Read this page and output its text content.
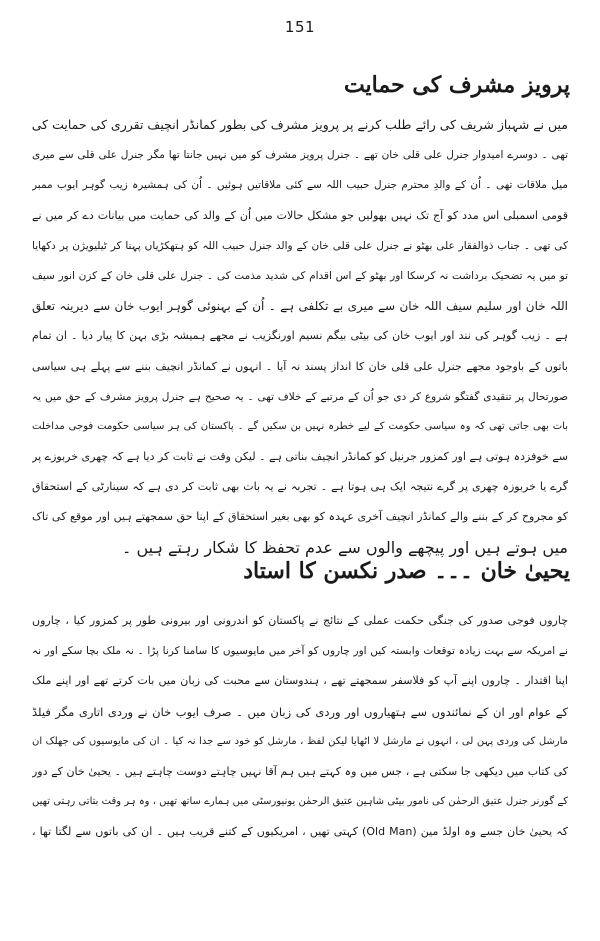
151
پرویز مشرف کی حمایت
میں نے شہباز شریف کی رائے طلب کرنے پر پرویز مشرف کی بطور کمانڈر انچیف تقرری کی حمایت کی
تھی ۔ دوسرے امیدوار جنرل علی قلی خان تھے ۔ جنرل پرویز مشرف کو میں نہیں جانتا تھا مگر جنرل علی قلی سے میری
میل ملاقات تھی ۔ اُن کے والدِ محترم جنرل حبیب اللہ سے کئی ملاقاتیں ہوئیں ۔ اُن کی ہمشیرہ زیب گوہر ایوب ممبر
قومی اسمبلی اس مدد کو آج تک نہیں بھولیں جو مشکل حالات میں اُن کے والد کی حمایت میں بیانات دے کر میں نے
کی تھی ۔ جناب ذوالفقار علی بھٹو نے جنرل علی قلی خان کے والد جنرل حبیب اللہ کو ہتھکڑیاں پہنا کر ٹیلیویژن پر دکھایا
تو میں یہ تضحیک برداشت نہ کرسکا اور بھٹو کے اس اقدام کی شدید مذمت کی ۔ جنرل علی قلی خان کے کزن انور سیف
اللہ خان اور سلیم سیف اللہ خان سے میری بے تکلفی ہے ۔ اُن کے بہنوئی گوہر ایوب خان سے دیرینہ تعلق
ہے ۔ زیب گوہر کی نند اور ایوب خان کی بیٹی بیگم نسیم اورنگزیب نے مجھے ہمیشہ بڑی بہن کا پیار دیا ۔ ان تمام
باتوں کے باوجود مجھے جنرل علی قلی خان کا انداز پسند نہ آیا ۔ انہوں نے کمانڈر انچیف بننے سے پہلے ہی سیاسی
صورتحال پر تنقیدی گفتگو شروع کر دی جو اُن کے مرتبے کے خلاف تھی ۔ یہ صحیح ہے جنرل پرویز مشرف کے حق میں یہ
بات بھی جاتی تھی کہ وہ سیاسی حکومت کے لیے خطرہ نہیں بن سکیں گے ۔ پاکستان کی ہر سیاسی حکومت فوجی مداخلت
سے خوفزدہ ہوتی ہے اور کمزور جرنیل کو کمانڈر انچیف بناتی ہے ۔ لیکن وقت نے ثابت کر دیا ہے کہ چھری خربوزے پر
گرے یا خربوزہ چھری پر گرے نتیجہ ایک ہی ہوتا ہے ۔ تجربہ نے یہ بات بھی ثابت کر دی ہے کہ سینارٹی کے استحقاق
کو مجروح کر کے بننے والے کمانڈر انچیف آخری عہدہ کو بھی بغیر استحقاق کے اپنا حق سمجھتے ہیں اور موقع کی تاک
میں ہوتے ہیں اور پیچھے والوں سے عدم تحفظ کا شکار رہتے ہیں ۔
یحییٰ خان ۔۔۔ صدر نکسن کا استاد
چاروں فوجی صدور کی جنگی حکمت عملی کے نتائج نے پاکستان کو اندرونی اور بیرونی طور پر کمزور کیا ، چاروں
نے امریکہ سے بہت زیادہ توقعات وابستہ کیں اور چاروں کو آخر میں مایوسیوں کا سامنا کرنا پڑا ۔ نہ ملک بچا سکے اور نہ
اپنا اقتدار ۔ چاروں اپنے آپ کو فلاسفر سمجھتے تھے ، ہندوستان سے محبت کی زبان میں بات کرتے تھے اور اپنے ملک
کے عوام اور ان کے نمائندوں سے ہتھیاروں اور وردی کی زبان میں ۔ صرف ایوب خان نے وردی اتاری مگر فیلڈ
مارشل کی وردی پہن لی ، انہوں نے مارشل لا اٹھایا لیکن لفظ ، مارشل کو خود سے جدا نہ کیا ۔ ان کی مایوسیوں کی جھلک ان
کی کتاب میں دیکھی جا سکتی ہے ، جس میں وہ کہتے ہیں ہم آقا نہیں چاہتے دوست چاہتے ہیں ۔ یحییٰ خان کے دور
کے گورنر جنرل عتیق الرحمٰن کی نامور بیٹی شاہین عتیق الرحمٰن یونیورسٹی میں ہمارے ساتھ تھیں ، وہ ہر وقت بتاتی رہتی تھیں
کہ یحییٰ خان جسے وہ اولڈ مین (Old Man) کہتی تھیں ، امریکیوں کے کتنے قریب ہیں ۔ ان کی باتوں سے لگتا تھا ،
